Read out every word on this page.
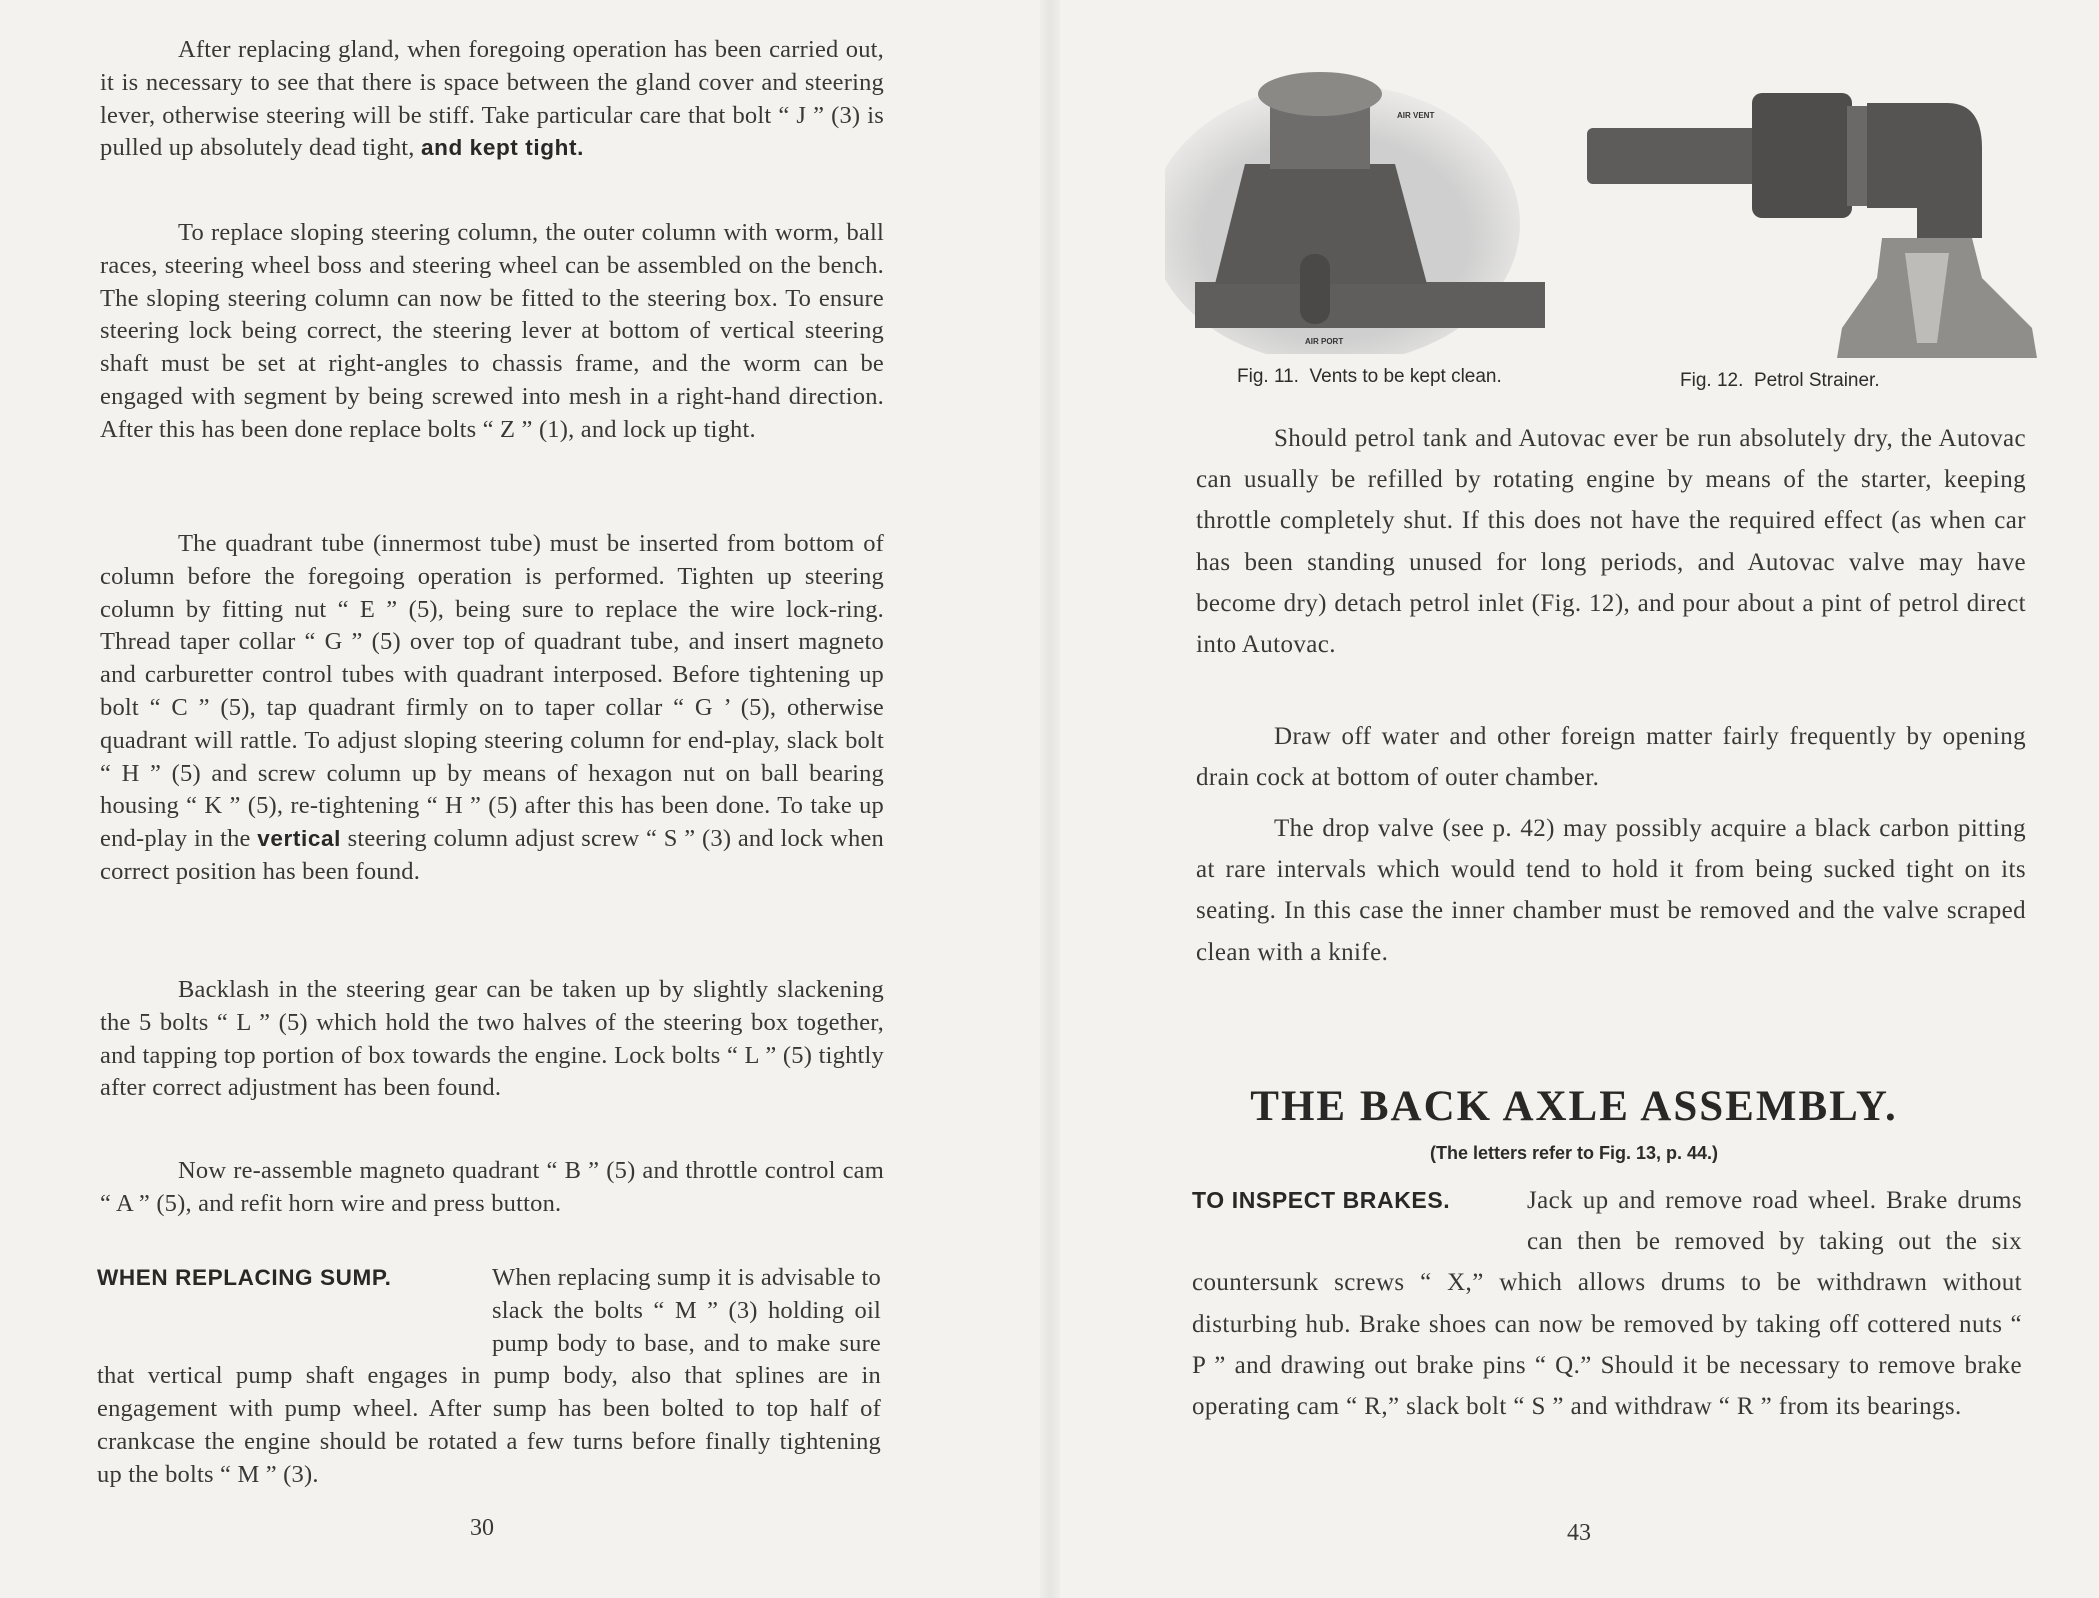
After replacing gland, when foregoing operation has been carried out, it is necessary to see that there is space between the gland cover and steering lever, otherwise steering will be stiff. Take particular care that bolt “ J ” (3) is pulled up absolutely dead tight, and kept tight.

To replace sloping steering column, the outer column with worm, ball races, steering wheel boss and steering wheel can be assembled on the bench. The sloping steering column can now be fitted to the steering box. To ensure steering lock being correct, the steering lever at bottom of vertical steering shaft must be set at right-angles to chassis frame, and the worm can be engaged with segment by being screwed into mesh in a right-hand direction. After this has been done replace bolts “ Z ” (1), and lock up tight.

The quadrant tube (innermost tube) must be inserted from bottom of column before the foregoing operation is performed. Tighten up steering column by fitting nut “ E ” (5), being sure to replace the wire lock-ring. Thread taper collar “ G ” (5) over top of quadrant tube, and insert magneto and carburetter control tubes with quadrant interposed. Before tightening up bolt “ C ” (5), tap quadrant firmly on to taper collar “ G ’ (5), otherwise quadrant will rattle. To adjust sloping steering column for end-play, slack bolt “ H ” (5) and screw column up by means of hexagon nut on ball bearing housing “ K ” (5), re-tightening “ H ” (5) after this has been done. To take up end-play in the vertical steering column adjust screw “ S ” (3) and lock when correct position has been found.

Backlash in the steering gear can be taken up by slightly slackening the 5 bolts “ L ” (5) which hold the two halves of the steering box together, and tapping top portion of box towards the engine. Lock bolts “ L ” (5) tightly after correct adjustment has been found.

Now re-assemble magneto quadrant “ B ” (5) and throttle control cam “ A ” (5), and refit horn wire and press button.

WHEN REPLACING SUMP.	When replacing sump it is advisable to slack the bolts “ M ” (3) holding oil pump body to base, and to make sure that vertical pump shaft engages in pump body, also that splines are in engagement with pump wheel. After sump has been bolted to top half of crankcase the engine should be rotated a few turns before finally tightening up the bolts “ M ” (3).
30
AIR VENT
AIR PORT
Fig. 11. Vents to be kept clean.	Fig. 12. Petrol Strainer.

Should petrol tank and Autovac ever be run absolutely dry, the Autovac can usually be refilled by rotating engine by means of the starter, keeping throttle completely shut. If this does not have the required effect (as when car has been standing unused for long periods, and Autovac valve may have become dry) detach petrol inlet (Fig. 12), and pour about a pint of petrol direct into Autovac.

Draw off water and other foreign matter fairly frequently by opening drain cock at bottom of outer chamber.

The drop valve (see p. 42) may possibly acquire a black carbon pitting at rare intervals which would tend to hold it from being sucked tight on its seating. In this case the inner chamber must be removed and the valve scraped clean with a knife.

THE BACK AXLE ASSEMBLY.
(The letters refer to Fig. 13, p. 44.)
TO INSPECT BRAKES.	Jack up and remove road wheel. Brake drums can then be removed by taking out the six countersunk screws “ X,” which allows drums to be withdrawn without disturbing hub. Brake shoes can now be removed by taking off cottered nuts “ P ” and drawing out brake pins “ Q.” Should it be necessary to remove brake operating cam “ R,” slack bolt “ S ” and withdraw “ R ” from its bearings.
43
